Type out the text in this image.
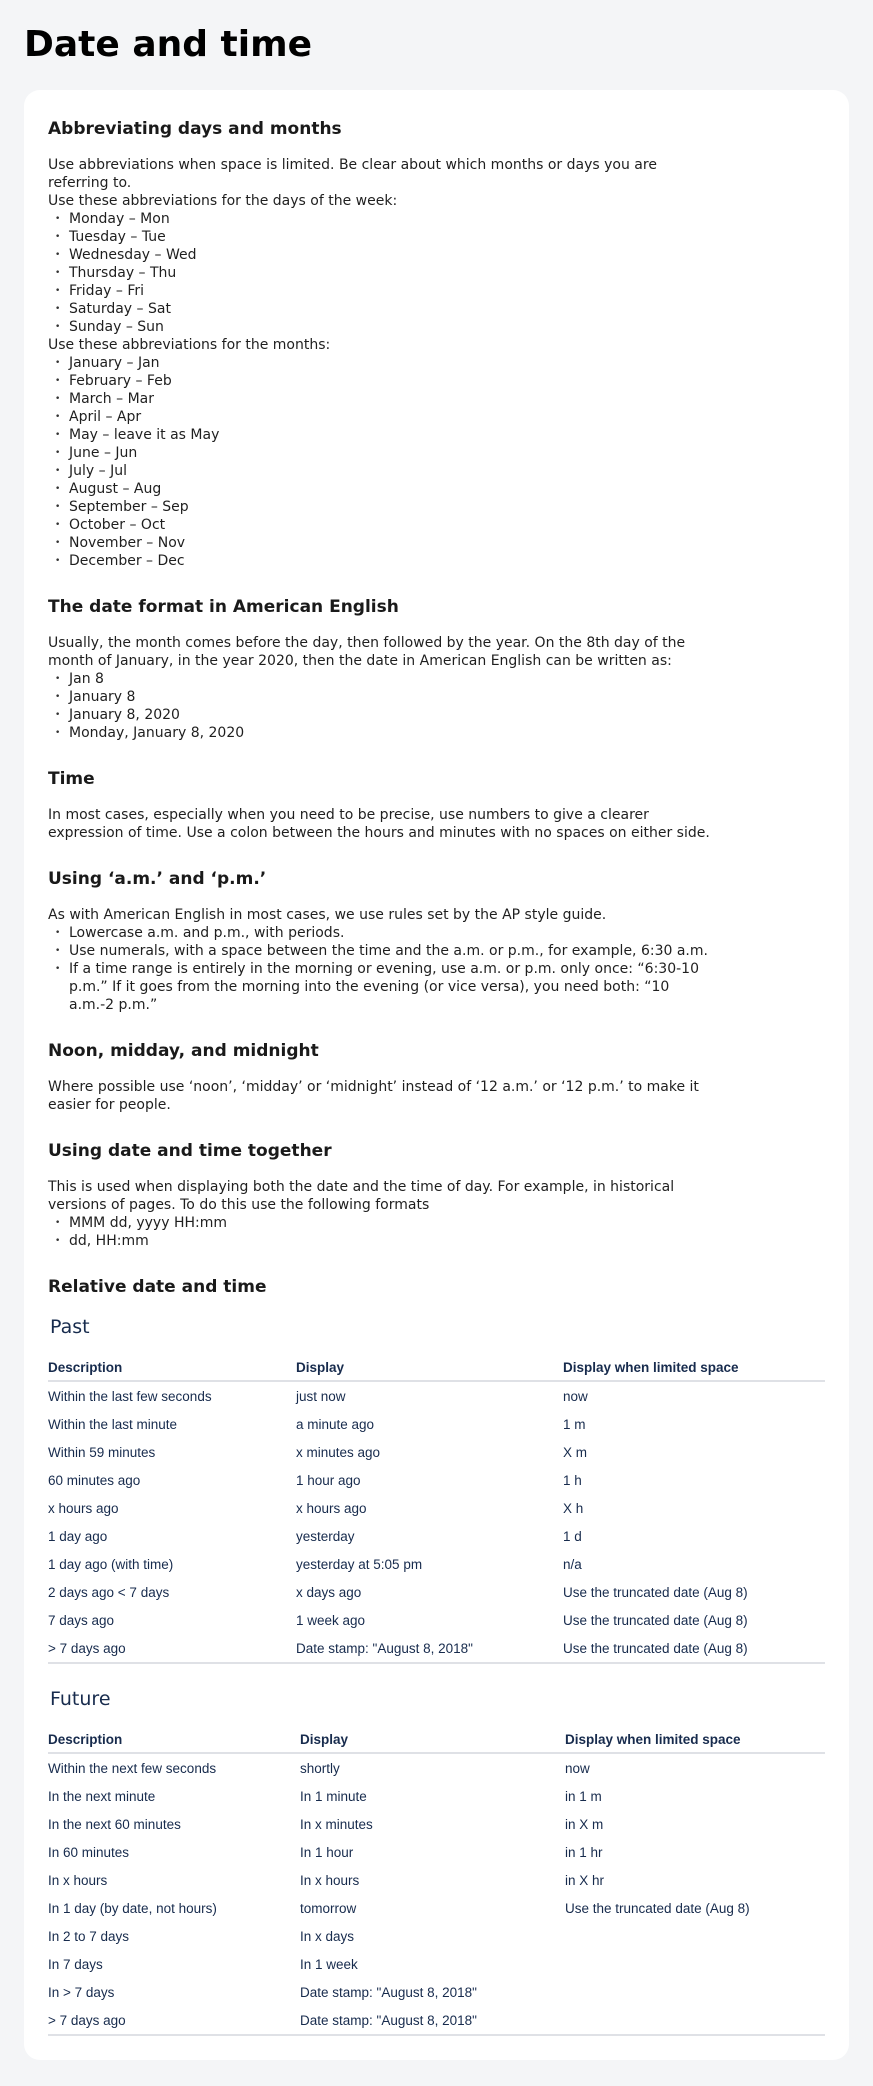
Date and time
Abbreviating days and months

Use abbreviations when space is limited. Be clear about which months or days you are referring to.

Use these abbreviations for the days of the week:

• Monday – Mon
• Tuesday – Tue
• Wednesday – Wed
• Thursday – Thu
• Friday – Fri
• Saturday – Sat
• Sunday – Sun

Use these abbreviations for the months:

• January – Jan
• February – Feb
• March – Mar
• April – Apr
• May – leave it as May
• June – Jun
• July – Jul
• August – Aug
• September – Sep
• October – Oct
• November – Nov
• December – Dec
The date format in American English

Usually, the month comes before the day, then followed by the year. On the 8th day of the month of January, in the year 2020, then the date in American English can be written as:

• Jan 8
• January 8
• January 8, 2020
• Monday, January 8, 2020
Time

In most cases, especially when you need to be precise, use numbers to give a clearer expression of time. Use a colon between the hours and minutes with no spaces on either side.

Using ‘a.m.’ and ‘p.m.’

As with American English in most cases, we use rules set by the AP style guide.

• Lowercase a.m. and p.m., with periods.
• Use numerals, with a space between the time and the a.m. or p.m., for example, 6:30 a.m.
• If a time range is entirely in the morning or evening, use a.m. or p.m. only once: “6:30-10 p.m.” If it goes from the morning into the evening (or vice versa), you need both: “10 a.m.-2 p.m.”
Noon, midday, and midnight

Where possible use ‘noon’, ‘midday’ or ‘midnight’ instead of ‘12 a.m.’ or ‘12 p.m.’ to make it easier for people.

Using date and time together

This is used when displaying both the date and the time of day. For example, in historical versions of pages. To do this use the following formats

• MMM dd, yyyy HH:mm
• dd, HH:mm
Relative date and time
Past
Description	Display	Display when limited space
Within the last few seconds	just now	now
Within the last minute	a minute ago	1 m
Within 59 minutes	x minutes ago	X m
60 minutes ago	1 hour ago	1 h
x hours ago	x hours ago	X h
1 day ago	yesterday	1 d
1 day ago (with time)	yesterday at 5:05 pm	n/a
2 days ago < 7 days	x days ago	Use the truncated date (Aug 8)
7 days ago	1 week ago	Use the truncated date (Aug 8)
> 7 days ago	Date stamp: "August 8, 2018"	Use the truncated date (Aug 8)
Future
Description	Display	Display when limited space
Within the next few seconds	shortly	now
In the next minute	In 1 minute	in 1 m
In the next 60 minutes	In x minutes	in X m
In 60 minutes	In 1 hour	in 1 hr
In x hours	In x hours	in X hr
In 1 day (by date, not hours)	tomorrow	Use the truncated date (Aug 8)
In 2 to 7 days	In x days	
In 7 days	In 1 week	
In > 7 days	Date stamp: "August 8, 2018"	
> 7 days ago	Date stamp: "August 8, 2018"	
